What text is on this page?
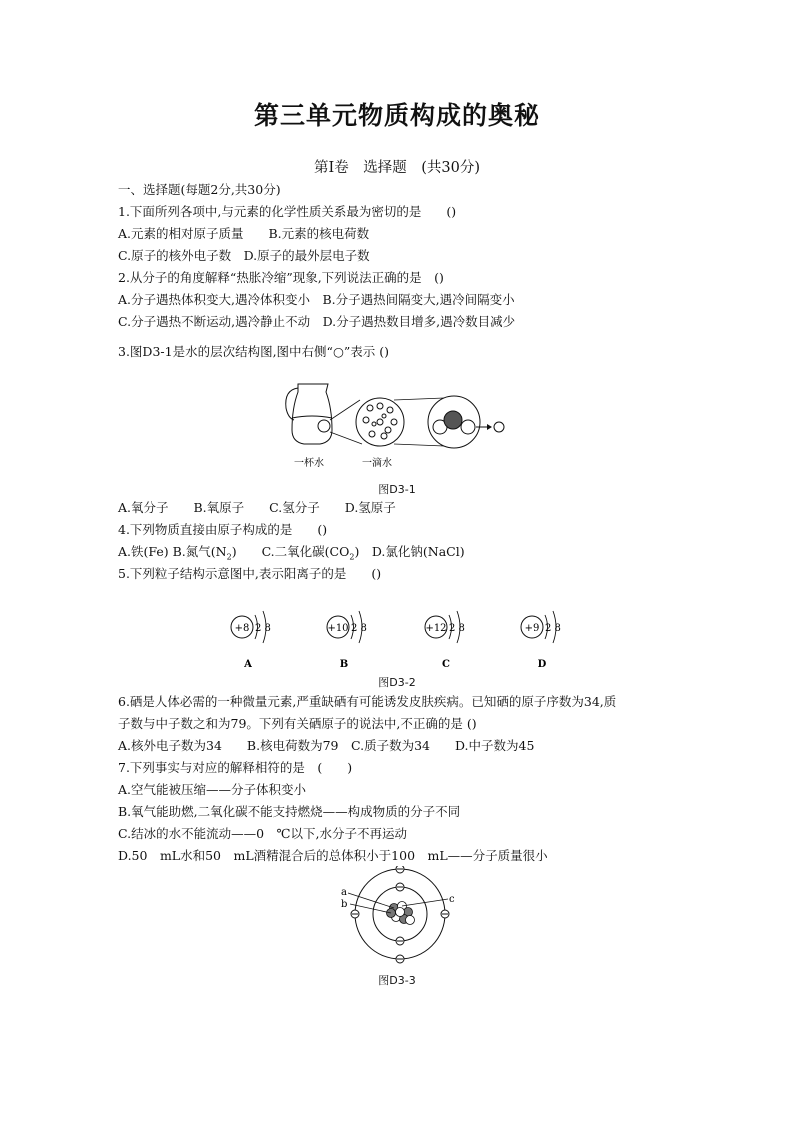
第三单元物质构成的奥秘
第Ⅰ卷　选择题　(共30分)
一、选择题(每题2分,共30分)
1.下面所列各项中,与元素的化学性质关系最为密切的是　　()
A.元素的相对原子质量　　B.元素的核电荷数
C.原子的核外电子数　D.原子的最外层电子数
2.从分子的角度解释“热胀冷缩”现象,下列说法正确的是　()
A.分子遇热体积变大,遇冷体积变小　B.分子遇热间隔变大,遇冷间隔变小
C.分子遇热不断运动,遇冷静止不动　D.分子遇热数目增多,遇冷数目减少
3.图D3-1是水的层次结构图,图中右侧“○”表示 ()
一杯水	一滴水
图D3-1
A.氧分子　　B.氧原子　　C.氢分子　　D.氢原子
4.下列物质直接由原子构成的是　　()
A.铁(Fe) B.氮气$(N_2)$　　C.二氧化碳$(CO_2)$　D.氯化钠(NaCl)
5.下列粒子结构示意图中,表示阳离子的是　　()
+8 2 8
A
+10 2 8
B
+12 2 8
C
+9 2 8
D
图D3-2
6.硒是人体必需的一种微量元素,严重缺硒有可能诱发皮肤疾病。已知硒的原子序数为34,质
子数与中子数之和为79。下列有关硒原子的说法中,不正确的是 ()
A.核外电子数为34　　B.核电荷数为79　C.质子数为34　　D.中子数为45
7.下列事实与对应的解释相符的是　(　　)
A.空气能被压缩——分子体积变小
B.氧气能助燃,二氧化碳不能支持燃烧——构成物质的分子不同
C.结冰的水不能流动——0　℃以下,水分子不再运动
D.50　mL水和50　mL酒精混合后的总体积小于100　mL——分子质量很小
a
b	c
图D3-3
